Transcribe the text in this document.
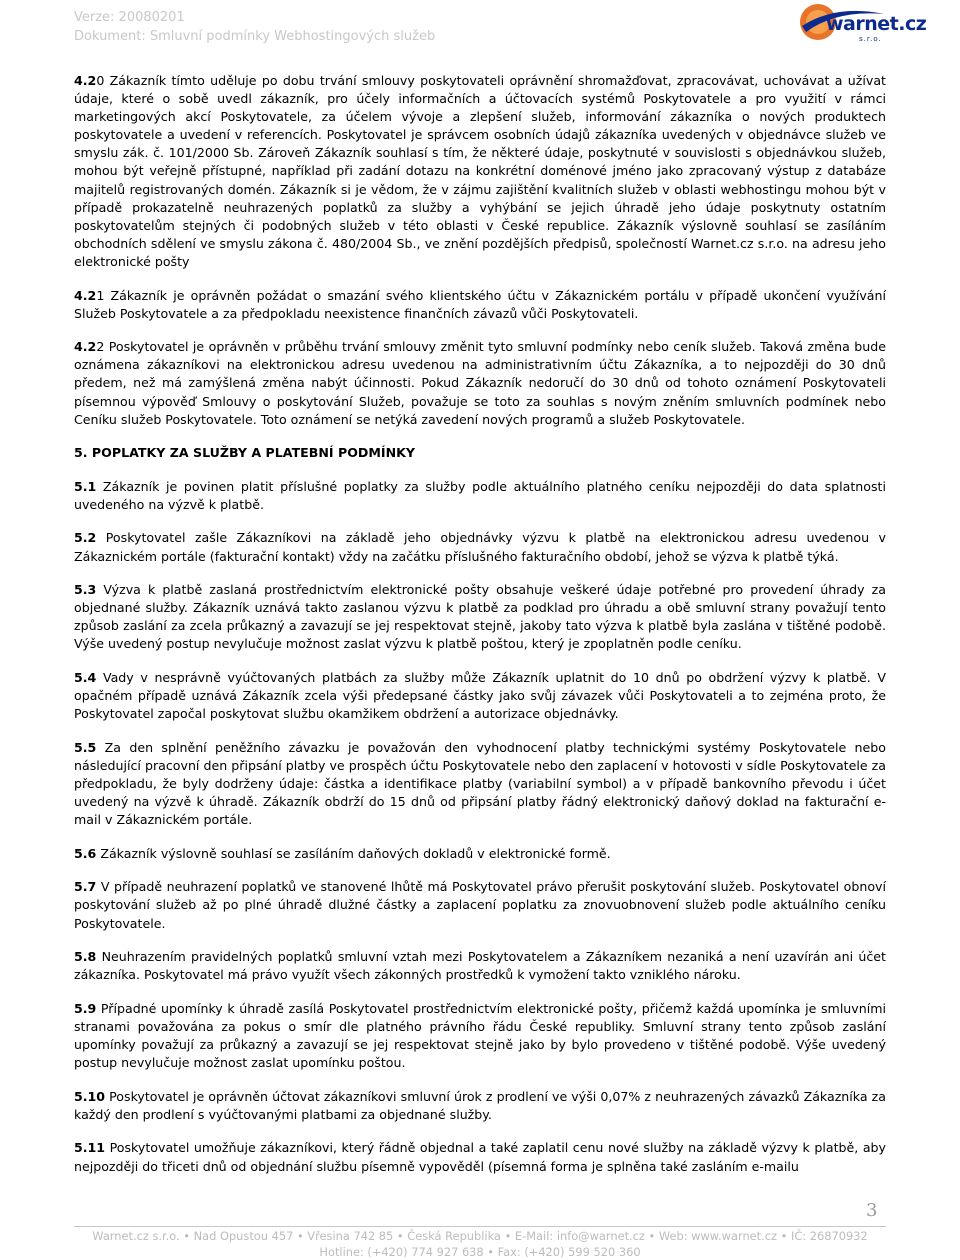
Verze: 20080201
Dokument: Smluvní podmínky Webhostingových služeb
warnet.cz
s.r.o.

4.20 Zákazník tímto uděluje po dobu trvání smlouvy poskytovateli oprávnění shromažďovat, zpracovávat, uchovávat a užívat údaje, které o sobě uvedl zákazník, pro účely informačních a účtovacích systémů Poskytovatele a pro využití v rámci marketingových akcí Poskytovatele, za účelem vývoje a zlepšení služeb, informování zákazníka o nových produktech poskytovatele a uvedení v referencích. Poskytovatel je správcem osobních údajů zákazníka uvedených v objednávce služeb ve smyslu zák. č. 101/2000 Sb. Zároveň Zákazník souhlasí s tím, že některé údaje, poskytnuté v souvislosti s objednávkou služeb, mohou být veřejně přístupné, například při zadání dotazu na konkrétní doménové jméno jako zpracovaný výstup z databáze majitelů registrovaných domén. Zákazník si je vědom, že v zájmu zajištění kvalitních služeb v oblasti webhostingu mohou být v případě prokazatelně neuhrazených poplatků za služby a vyhýbání se jejich úhradě jeho údaje poskytnuty ostatním poskytovatelům stejných či podobných služeb v této oblasti v České republice. Zákazník výslovně souhlasí se zasíláním obchodních sdělení ve smyslu zákona č. 480/2004 Sb., ve znění pozdějších předpisů, společností Warnet.cz s.r.o. na adresu jeho elektronické pošty

4.21 Zákazník je oprávněn požádat o smazání svého klientského účtu v Zákaznickém portálu v případě ukončení využívání Služeb Poskytovatele a za předpokladu neexistence finančních závazů vůči Poskytovateli.

4.22 Poskytovatel je oprávněn v průběhu trvání smlouvy změnit tyto smluvní podmínky nebo ceník služeb. Taková změna bude oznámena zákazníkovi na elektronickou adresu uvedenou na administrativním účtu Zákazníka, a to nejpozději do 30 dnů předem, než má zamýšlená změna nabýt účinnosti. Pokud Zákazník nedoručí do 30 dnů od tohoto oznámení Poskytovateli písemnou výpověď Smlouvy o poskytování Služeb, považuje se toto za souhlas s novým zněním smluvních podmínek nebo Ceníku služeb Poskytovatele. Toto oznámení se netýká zavedení nových programů a služeb Poskytovatele.

5. POPLATKY ZA SLUŽBY A PLATEBNÍ PODMÍNKY

5.1 Zákazník je povinen platit příslušné poplatky za služby podle aktuálního platného ceníku nejpozději do data splatnosti uvedeného na výzvě k platbě.

5.2 Poskytovatel zašle Zákazníkovi na základě jeho objednávky výzvu k platbě na elektronickou adresu uvedenou v Zákaznickém portále (fakturační kontakt) vždy na začátku příslušného fakturačního období, jehož se výzva k platbě týká.

5.3 Výzva k platbě zaslaná prostřednictvím elektronické pošty obsahuje veškeré údaje potřebné pro provedení úhrady za objednané služby. Zákazník uznává takto zaslanou výzvu k platbě za podklad pro úhradu a obě smluvní strany považují tento způsob zaslání za zcela průkazný a zavazují se jej respektovat stejně, jakoby tato výzva k platbě byla zaslána v tištěné podobě. Výše uvedený postup nevylučuje možnost zaslat výzvu k platbě poštou, který je zpoplatněn podle ceníku.

5.4 Vady v nesprávně vyúčtovaných platbách za služby může Zákazník uplatnit do 10 dnů po obdržení výzvy k platbě. V opačném případě uznává Zákazník zcela výši předepsané částky jako svůj závazek vůči Poskytovateli a to zejména proto, že Poskytovatel započal poskytovat službu okamžikem obdržení a autorizace objednávky.

5.5 Za den splnění peněžního závazku je považován den vyhodnocení platby technickými systémy Poskytovatele nebo následující pracovní den připsání platby ve prospěch účtu Poskytovatele nebo den zaplacení v hotovosti v sídle Poskytovatele za předpokladu, že byly dodrženy údaje: částka a identifikace platby (variabilní symbol) a v případě bankovního převodu i účet uvedený na výzvě k úhradě. Zákazník obdrží do 15 dnů od připsání platby řádný elektronický daňový doklad na fakturační e-mail v Zákaznickém portále.

5.6 Zákazník výslovně souhlasí se zasíláním daňových dokladů v elektronické formě.

5.7 V případě neuhrazení poplatků ve stanovené lhůtě má Poskytovatel právo přerušit poskytování služeb. Poskytovatel obnoví poskytování služeb až po plné úhradě dlužné částky a zaplacení poplatku za znovuobnovení služeb podle aktuálního ceníku Poskytovatele.

5.8 Neuhrazením pravidelných poplatků smluvní vztah mezi Poskytovatelem a Zákazníkem nezaniká a není uzavírán ani účet zákazníka. Poskytovatel má právo využít všech zákonných prostředků k vymožení takto vzniklého nároku.

5.9 Případné upomínky k úhradě zasílá Poskytovatel prostřednictvím elektronické pošty, přičemž každá upomínka je smluvními stranami považována za pokus o smír dle platného právního řádu České republiky. Smluvní strany tento způsob zaslání upomínky považují za průkazný a zavazují se jej respektovat stejně jako by bylo provedeno v tištěné podobě. Výše uvedený postup nevylučuje možnost zaslat upomínku poštou.

5.10 Poskytovatel je oprávněn účtovat zákazníkovi smluvní úrok z prodlení ve výši 0,07% z neuhrazených závazků Zákazníka za každý den prodlení s vyúčtovanými platbami za objednané služby.

5.11 Poskytovatel umožňuje zákazníkovi, který řádně objednal a také zaplatil cenu nové služby na základě výzvy k platbě, aby nejpozději do třiceti dnů od objednání službu písemně vypověděl (písemná forma je splněna také zasláním e-mailu

3
Warnet.cz s.r.o. • Nad Opustou 457 • Vřesina 742 85 • Česká Republika • E-Mail: info@warnet.cz • Web: www.warnet.cz • IČ: 26870932
Hotline: (+420) 774 927 638 • Fax: (+420) 599 520 360
